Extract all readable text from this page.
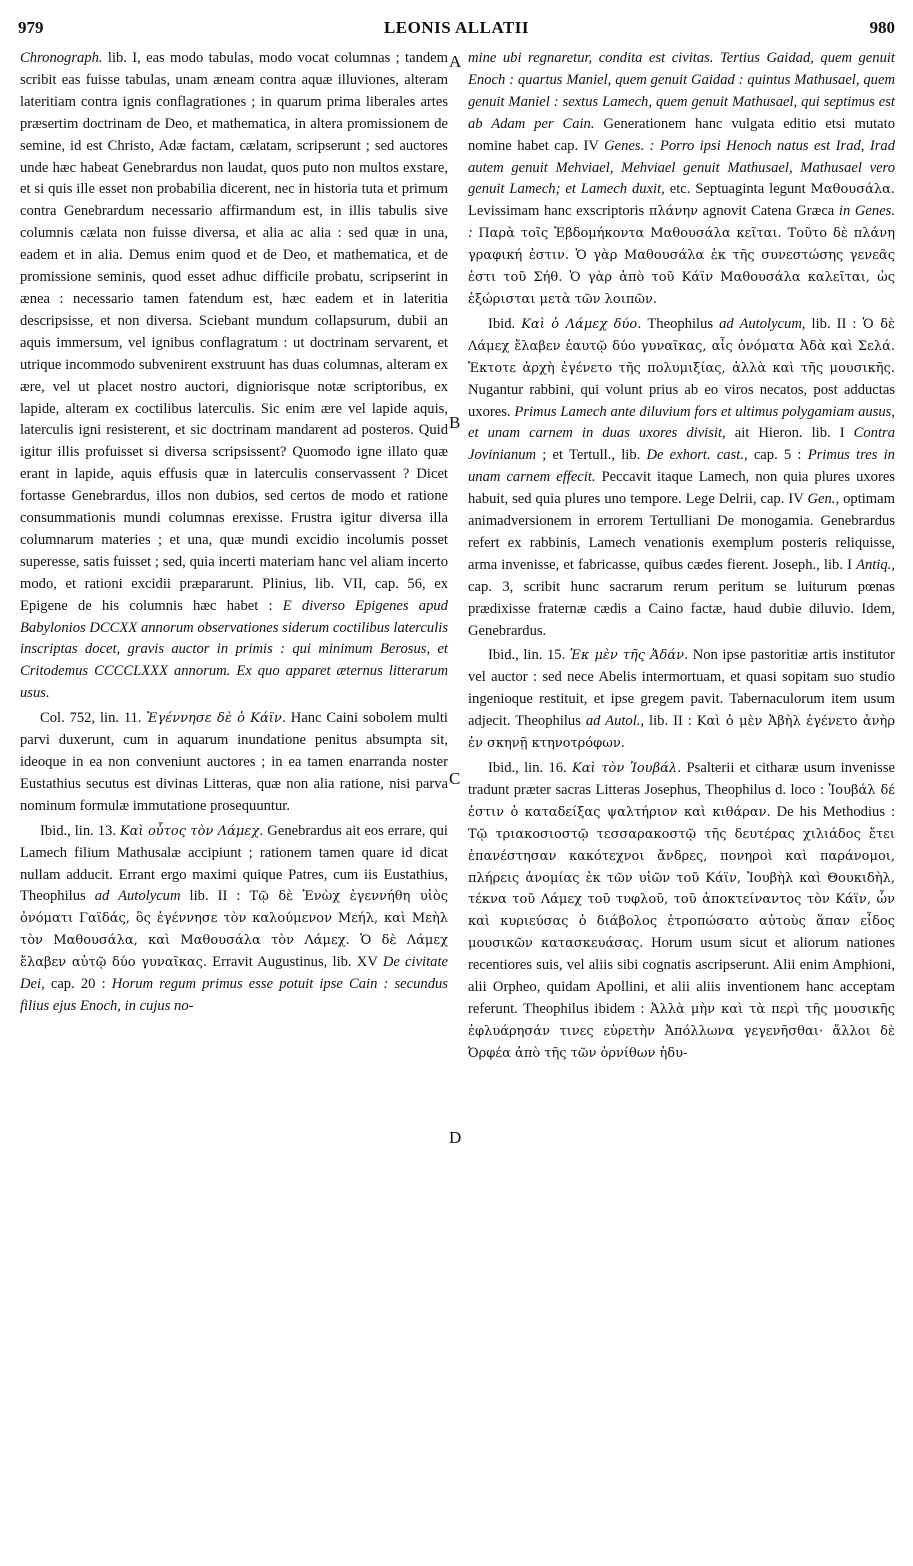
979	LEONIS ALLATII	980
A
B
C
D

Chronograph. lib. I, eas modo tabulas, modo vocat columnas ; tandem scribit eas fuisse tabulas, unam æneam contra aquæ illuviones, alteram lateritiam contra ignis conflagrationes ; in quarum prima liberales artes præsertim doctrinam de Deo, et mathematica, in altera promissionem de semine, id est Christo, Adæ factam, cælatam, scripserunt ; sed auctores unde hæc habeat Genebrardus non laudat, quos puto non multos exstare, et si quis ille esset non probabilia dicerent, nec in historia tuta et primum contra Genebrardum necessario affirmandum est, in illis tabulis sive columnis cælata non fuisse diversa, et alia ac alia : sed quæ in una, eadem et in alia. Demus enim quod et de Deo, et mathematica, et de promissione seminis, quod esset adhuc difficile probatu, scripserint in ænea : necessario tamen fatendum est, hæc eadem et in lateritia descripsisse, et non diversa. Sciebant mundum collapsurum, dubii an aquis immersum, vel ignibus conflagratum : ut doctrinam servarent, et utrique incommodo subvenirent exstruunt has duas columnas, alteram ex ære, vel ut placet nostro auctori, digniorisque notæ scriptoribus, ex lapide, alteram ex coctilibus laterculis. Sic enim ære vel lapide aquis, laterculis igni resisterent, et sic doctrinam mandarent ad posteros. Quid igitur illis profuisset si diversa scripsissent? Quomodo igne illato quæ erant in lapide, aquis effusis quæ in laterculis conservassent ? Dicet fortasse Genebrardus, illos non dubios, sed certos de modo et ratione consummationis mundi columnas erexisse. Frustra igitur diversa illa columnarum materies ; et una, quæ mundi excidio incolumis posset superesse, satis fuisset ; sed, quia incerti materiam hanc vel aliam incerto modo, et rationi excidii præpararunt. Plinius, lib. VII, cap. 56, ex Epigene de his columnis hæc habet : E diverso Epigenes apud Babylonios DCCXX annorum observationes siderum coctilibus laterculis inscriptas docet, gravis auctor in primis : qui minimum Berosus, et Critodemus CCCCLXXX annorum. Ex quo apparet æternus litterarum usus.

Col. 752, lin. 11. Ἐγέννησε δὲ ὁ Κάϊν. Hanc Caini sobolem multi parvi duxerunt, cum in aquarum inundatione penitus absumpta sit, ideoque in ea non conveniunt auctores ; in ea tamen enarranda noster Eustathius secutus est divinas Litteras, quæ non alia ratione, nisi parva nominum formulæ immutatione prosequuntur.

Ibid., lin. 13. Καὶ οὗτος τὸν Λάμεχ. Genebrardus ait eos errare, qui Lamech filium Mathusalæ accipiunt ; rationem tamen quare id dicat nullam adducit. Errant ergo maximi quique Patres, cum iis Eustathius, Theophilus ad Autolycum lib. II : Τῷ δὲ Ἐνὼχ ἐγεννήθη υἱὸς ὀνόματι Γαϊδάς, ὃς ἐγέννησε τὸν καλούμενον Μεήλ, καὶ Μεὴλ τὸν Μαθουσάλα, καὶ Μαθουσάλα τὸν Λάμεχ. Ὁ δὲ Λάμεχ ἔλαβεν αὐτῷ δύο γυναῖκας. Erravit Augustinus, lib. XV De civitate Dei, cap. 20 : Horum regum primus esse potuit ipse Cain : secundus filius ejus Enoch, in cujus no-

mine ubi regnaretur, condita est civitas. Tertius Gaidad, quem genuit Enoch : quartus Maniel, quem genuit Gaidad : quintus Mathusael, quem genuit Maniel : sextus Lamech, quem genuit Mathusael, qui septimus est ab Adam per Cain. Generationem hanc vulgata editio etsi mutato nomine habet cap. IV Genes. : Porro ipsi Henoch natus est Irad, Irad autem genuit Mehviael, Mehviael genuit Mathusael, Mathusael vero genuit Lamech; et Lamech duxit, etc. Septuaginta legunt Μαθουσάλα. Levissimam hanc exscriptoris πλάνην agnovit Catena Græca in Genes. : Παρὰ τοῖς Ἑβδομήκοντα Μαθουσάλα κεῖται. Τοῦτο δὲ πλάνη γραφική ἐστιν. Ὁ γὰρ Μαθουσάλα ἐκ τῆς συνεστώσης γενεᾶς ἐστι τοῦ Σήθ. Ὁ γὰρ ἀπὸ τοῦ Κάϊν Μαθουσάλα καλεῖται, ὡς ἐξώρισται μετὰ τῶν λοιπῶν.

Ibid. Καὶ ὁ Λάμεχ δύο. Theophilus ad Autolycum, lib. II : Ὁ δὲ Λάμεχ ἔλαβεν ἑαυτῷ δύο γυναῖκας, αἷς ὀνόματα Ἀδὰ καὶ Σελά. Ἐκτοτε ἀρχὴ ἐγένετο τῆς πολυμιξίας, ἀλλὰ καὶ τῆς μουσικῆς. Nugantur rabbini, qui volunt prius ab eo viros necatos, post adductas uxores. Primus Lamech ante diluvium fors et ultimus polygamiam ausus, et unam carnem in duas uxores divisit, ait Hieron. lib. I Contra Jovinianum ; et Tertull., lib. De exhort. cast., cap. 5 : Primus tres in unam carnem effecit. Peccavit itaque Lamech, non quia plures uxores habuit, sed quia plures uno tempore. Lege Delrii, cap. IV Gen., optimam animadversionem in errorem Tertulliani De monogamia. Genebrardus refert ex rabbinis, Lamech venationis exemplum posteris reliquisse, arma invenisse, et fabricasse, quibus cædes fierent. Joseph., lib. I Antiq., cap. 3, scribit hunc sacrarum rerum peritum se luiturum pœnas prædixisse fraternæ cædis a Caino factæ, haud dubie diluvio. Idem, Genebrardus.

Ibid., lin. 15. Ἐκ μὲν τῆς Ἀδάν. Non ipse pastoritiæ artis institutor vel auctor : sed nece Abelis intermortuam, et quasi sopitam suo studio ingenioque restituit, et ipse gregem pavit. Tabernaculorum item usum adjecit. Theophilus ad Autol., lib. II : Καὶ ὁ μὲν Ἀβὴλ ἐγένετο ἀνὴρ ἐν σκηνῇ κτηνοτρόφων.

Ibid., lin. 16. Καὶ τὸν Ἰουβάλ. Psalterii et citharæ usum invenisse tradunt præter sacras Litteras Josephus, Theophilus d. loco : Ἰουβάλ δέ ἐστιν ὁ καταδείξας ψαλτήριον καὶ κιθάραν. De his Methodius : Τῷ τριακοσιοστῷ τεσσαρακοστῷ τῆς δευτέρας χιλιάδος ἔτει ἐπανέστησαν κακότεχνοι ἄνδρες, πονηροὶ καὶ παράνομοι, πλήρεις ἀνομίας ἐκ τῶν υἱῶν τοῦ Κάϊν, Ἰουβὴλ καὶ Θουκιδὴλ, τέκνα τοῦ Λάμεχ τοῦ τυφλοῦ, τοῦ ἀποκτείναντος τὸν Κάϊν, ὧν καὶ κυριεύσας ὁ διάβολος ἐτροπώσατο αὐτοὺς ἅπαν εἶδος μουσικῶν κατασκευάσας. Horum usum sicut et aliorum nationes recentiores suis, vel aliis sibi cognatis ascripserunt. Alii enim Amphioni, alii Orpheo, quidam Apollini, et alii aliis inventionem hanc acceptam referunt. Theophilus ibidem : Ἀλλὰ μὴν καὶ τὰ περὶ τῆς μουσικῆς ἐφλυάρησάν τινες εὑρετὴν Ἀπόλλωνα γεγενῆσθαι· ἄλλοι δὲ Ὀρφέα ἀπὸ τῆς τῶν ὀρνίθων ἡδυ-
